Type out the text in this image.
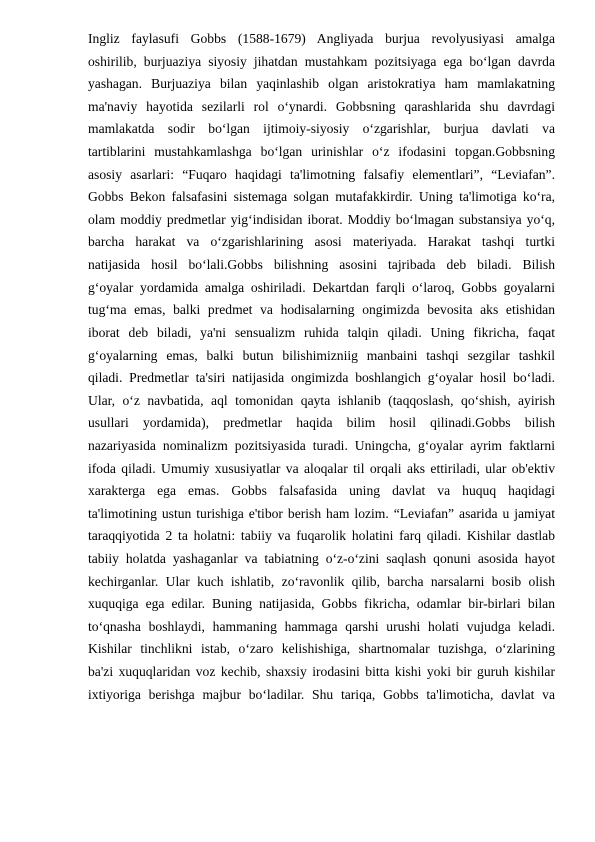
Ingliz faylasufi Gobbs (1588-1679) Angliyada burjua revolyusiyasi amalga
oshirilib, burjuaziya siyosiy jihatdan mustahkam pozitsiyaga ega bo‘lgan davrda
yashagan. Burjuaziya bilan yaqinlashib olgan aristokratiya ham mamlakatning
ma'naviy hayotida sezilarli rol o‘ynardi. Gobbsning qarashlarida shu davrdagi
mamlakatda sodir bo‘lgan ijtimoiy-siyosiy o‘zgarishlar, burjua davlati va
tartiblarini mustahkamlashga bo‘lgan urinishlar o‘z ifodasini topgan.Gobbsning
asosiy asarlari: “Fuqaro haqidagi ta'limotning falsafiy elementlari”, “Leviafan”.
Gobbs Bekon falsafasini sistemaga solgan mutafakkirdir. Uning ta'limotiga ko‘ra,
olam moddiy predmetlar yig‘indisidan iborat. Moddiy bo‘lmagan substansiya yo‘q,
barcha harakat va o‘zgarishlarining asosi materiyada. Harakat tashqi turtki
natijasida hosil bo‘lali.Gobbs bilishning asosini tajribada deb biladi. Bilish
g‘oyalar yordamida amalga oshiriladi. Dekartdan farqli o‘laroq, Gobbs goyalarni
tug‘ma emas, balki predmet va hodisalarning ongimizda bevosita aks etishidan
iborat deb biladi, ya'ni sensualizm ruhida talqin qiladi. Uning fikricha, faqat
g‘oyalarning emas, balki butun bilishimizniig manbaini tashqi sezgilar tashkil
qiladi. Predmetlar ta'siri natijasida ongimizda boshlangich g‘oyalar hosil bo‘ladi.
Ular, o‘z navbatida, aql tomonidan qayta ishlanib (taqqoslash, qo‘shish, ayirish
usullari yordamida), predmetlar haqida bilim hosil qilinadi.Gobbs bilish
nazariyasida nominalizm pozitsiyasida turadi. Uningcha, g‘oyalar ayrim faktlarni
ifoda qiladi. Umumiy xususiyatlar va aloqalar til orqali aks ettiriladi, ular ob'ektiv
xarakterga ega emas. Gobbs falsafasida uning davlat va huquq haqidagi
ta'limotining ustun turishiga e'tibor berish ham lozim. “Leviafan” asarida u jamiyat
taraqqiyotida 2 ta holatni: tabiiy va fuqarolik holatini farq qiladi. Kishilar dastlab
tabiiy holatda yashaganlar va tabiatning o‘z-o‘zini saqlash qonuni asosida hayot
kechirganlar. Ular kuch ishlatib, zo‘ravonlik qilib, barcha narsalarni bosib olish
xuquqiga ega edilar. Buning natijasida, Gobbs fikricha, odamlar bir-birlari bilan
to‘qnasha boshlaydi, hammaning hammaga qarshi urushi holati vujudga keladi.
Kishilar tinchlikni istab, o‘zaro kelishishiga, shartnomalar tuzishga, o‘zlarining
ba'zi xuquqlaridan voz kechib, shaxsiy irodasini bitta kishi yoki bir guruh kishilar
ixtiyoriga berishga majbur bo‘ladilar. Shu tariqa, Gobbs ta'limoticha, davlat va
